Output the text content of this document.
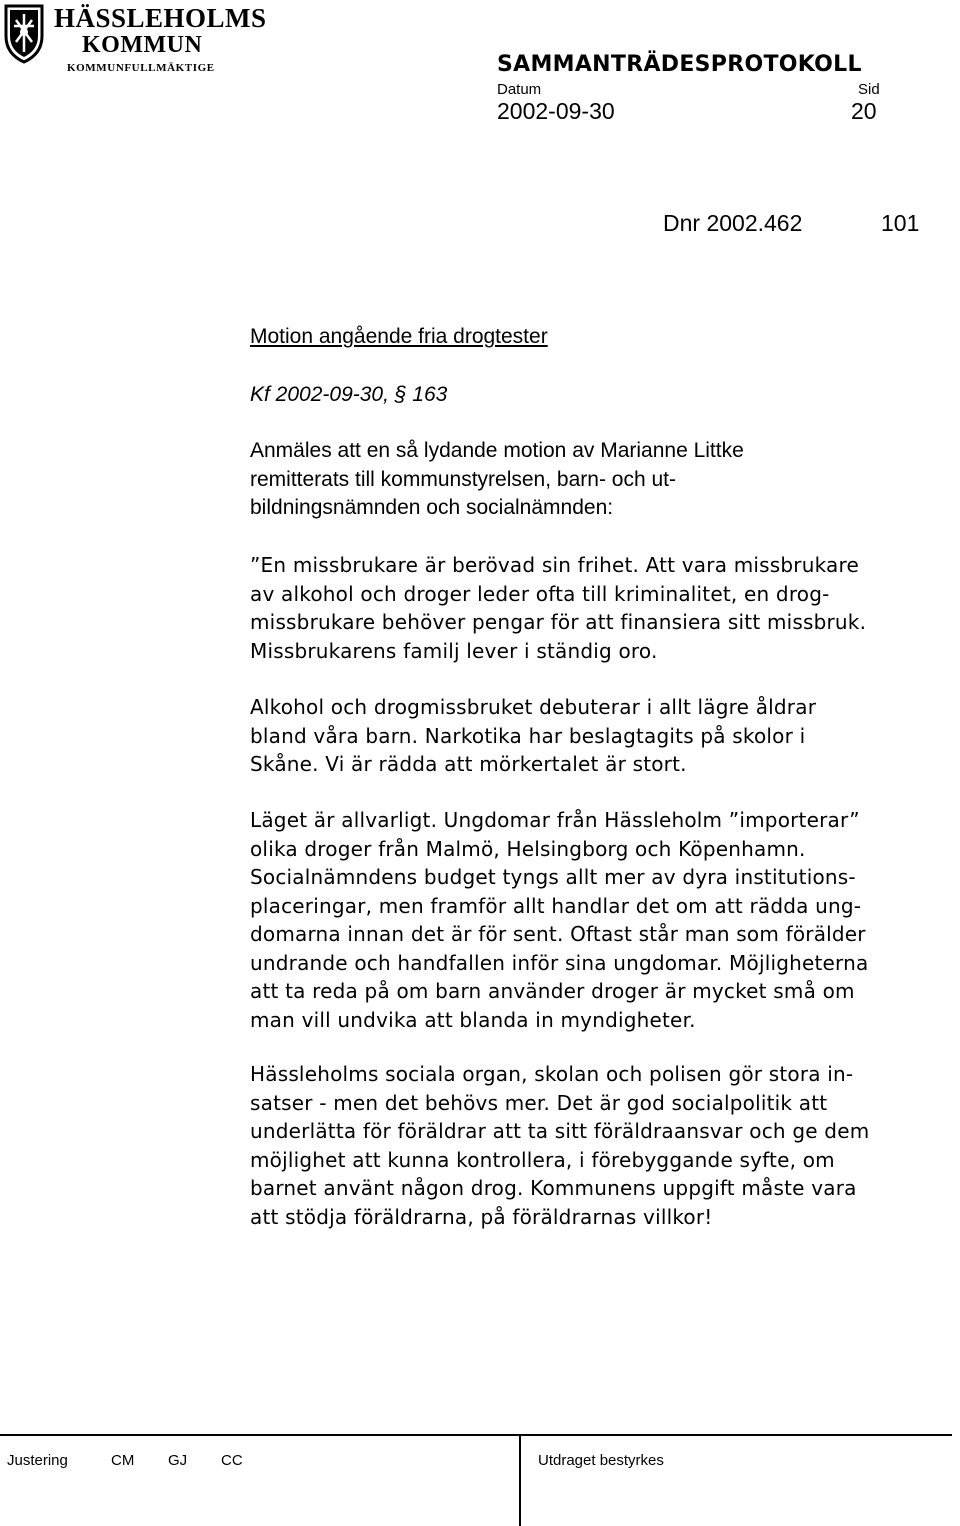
HÄSSLEHOLMS
KOMMUN
KOMMUNFULLMÄKTIGE	SAMMANTRÄDESPROTOKOLL
Datum	Sid
2002-09-30	20
Dnr 2002.462	101
Motion angående fria drogtester
Kf 2002-09-30, § 163
Anmäles att en så lydande motion av Marianne Littke
remitterats till kommunstyrelsen, barn- och ut-
bildningsnämnden och socialnämnden:
”En missbrukare är berövad sin frihet. Att vara missbrukare
av alkohol och droger leder ofta till kriminalitet, en drog-
missbrukare behöver pengar för att finansiera sitt missbruk.
Missbrukarens familj lever i ständig oro.
Alkohol och drogmissbruket debuterar i allt lägre åldrar
bland våra barn. Narkotika har beslagtagits på skolor i
Skåne. Vi är rädda att mörkertalet är stort.
Läget är allvarligt. Ungdomar från Hässleholm ”importerar”
olika droger från Malmö, Helsingborg och Köpenhamn.
Socialnämndens budget tyngs allt mer av dyra institutions-
placeringar, men framför allt handlar det om att rädda ung-
domarna innan det är för sent. Oftast står man som förälder
undrande och handfallen inför sina ungdomar. Möjligheterna
att ta reda på om barn använder droger är mycket små om
man vill undvika att blanda in myndigheter.
Hässleholms sociala organ, skolan och polisen gör stora in-
satser - men det behövs mer. Det är god socialpolitik att
underlätta för föräldrar att ta sitt föräldraansvar och ge dem
möjlighet att kunna kontrollera, i förebyggande syfte, om
barnet använt någon drog. Kommunens uppgift måste vara
att stödja föräldrarna, på föräldrarnas villkor!
Justering	CM GJ CC	Utdraget bestyrkes
